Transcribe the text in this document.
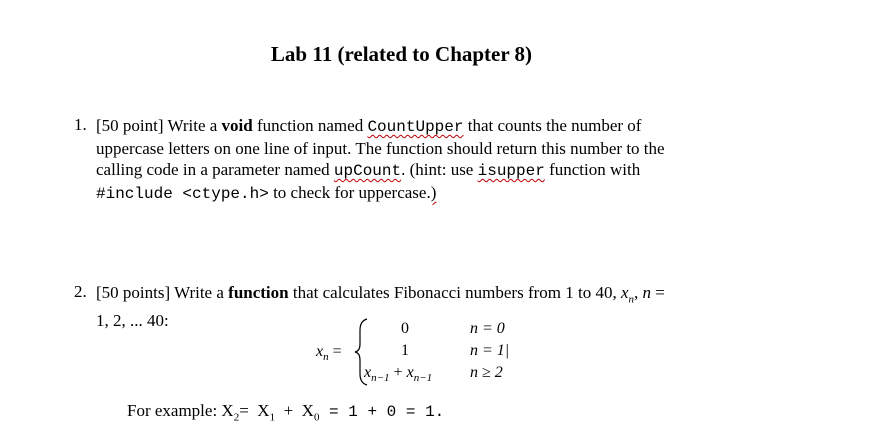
Lab 11 (related to Chapter 8)
1. [50 point] Write a void function named CountUpper that counts the number of
uppercase letters on one line of input. The function should return this number to the
calling code in a parameter named upCount. (hint: use isupper function with
#include <ctype.h> to check for uppercase.)
2. [50 points] Write a function that calculates Fibonacci numbers from 1 to 40, $x_n$, n =
1, 2, ... 40:
$x_n$ =
0	n = 0
1	n = 1|
$x_{n-1} + x_{n-1}$ n ≥ 2
For example: $X_2= X_1 + X_0 = 1 + 0 = 1$.
